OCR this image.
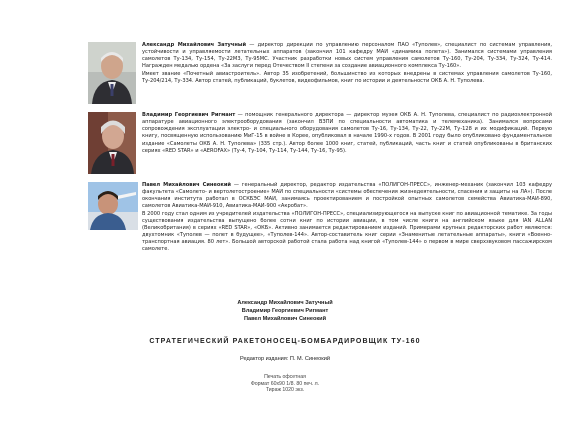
Александр Михайлович Затучный — директор дирекции по управлению персоналом ПАО «Туполев», специалист по системам управления, устойчивости и управляемости летательных аппаратов (закончил 101 кафедру МАИ «динамика полета»). Занимался системами управления самолетов Ту-134, Ту-154, Ту-22М3, Ту-95МС. Участник разработки новых систем управления самолетов Ту-160, Ту-204, Ту-334, Ту-324, Ту-414. Награжден медалью ордена «За заслуги перед Отечеством II степени за создание авиационного комплекса Ту-160».

Имеет звание «Почетный авиастроитель». Автор 35 изобретений, большинство из которых внедрены в системах управления самолетов Ту-160, Ту-204/214, Ту-334. Автор статей, публикаций, буклетов, видеофильмов, книг по истории и деятельности ОКБ А. Н. Туполева.

Владимир Георгиевич Ригмант — помощник генерального директора — директор музея ОКБ А. Н. Туполева, специалист по радиоэлектронной аппаратуре авиационного электрооборудования (закончил ВЗПИ по специальности автоматика и телемеханика). Занимался вопросами сопровождения эксплуатации электро- и специального оборудования самолетов Ту-16, Ту-134, Ту-22, Ту-22М, Ту-128 и их модификаций. Первую книгу, посвященную использованию МиГ-15 в войне в Корее, опубликовал в начале 1990-х годов. В 2001 году было опубликовано фундаментальное издание «Самолеты ОКБ А. Н. Туполева» (335 стр.). Автор более 1000 книг, статей, публикаций, часть книг и статей опубликованы в британских сериях «RED STAR» и «AEROFAX» (Ту-4, Ту-104, Ту-114, Ту-144, Ту-16, Ту-95).

Павел Михайлович Синеокий — генеральный директор, редактор издательства «ПОЛИГОН-ПРЕСС», инженер-механик (закончил 103 кафедру факультета «Самолето- и вертолетостроение» МАИ по специальности «системы обеспечения жизнедеятельности, спасения и защиты на ЛА»). После окончания института работал в ОСКБЭС МАИ, занимаясь проектированием и постройкой опытных самолетов семейства Авиатика-МАИ-890, самолетов Авиатика-МАИ-910, Авиатика-МАИ-900 «Акробат».

В 2000 году стал одним из учредителей издательства «ПОЛИГОН-ПРЕСС», специализирующегося на выпуске книг по авиационной тематике. За годы существования издательства выпущено более сотни книг по истории авиации, в том числе книги на английском языке для IAN ALLAN (Великобритания) в сериях «RED STAR», «ОКБ». Активно занимается редактированием изданий. Примерами крупных редакторских работ являются: двухтомник «Туполев — полет в будущее», «Туполев-144». Автор-составитель книг серии «Знаменитые летательные аппараты», книги «Военно-транспортная авиация. 80 лет». Большой авторской работой стала работа над книгой «Туполев-144» о первом в мире сверхзвуковом пассажирском самолете.

Александр Михайлович Затучный
Владимир Георгиевич Ригмант
Павел Михайлович Синеокий
СТРАТЕГИЧЕСКИЙ РАКЕТОНОСЕЦ-БОМБАРДИРОВЩИК ТУ-160
Редактор издания: П. М. Синеокий
Печать офсетная
Формат 60х90 1/8. 80 печ. л.
Тираж 1020 экз.
